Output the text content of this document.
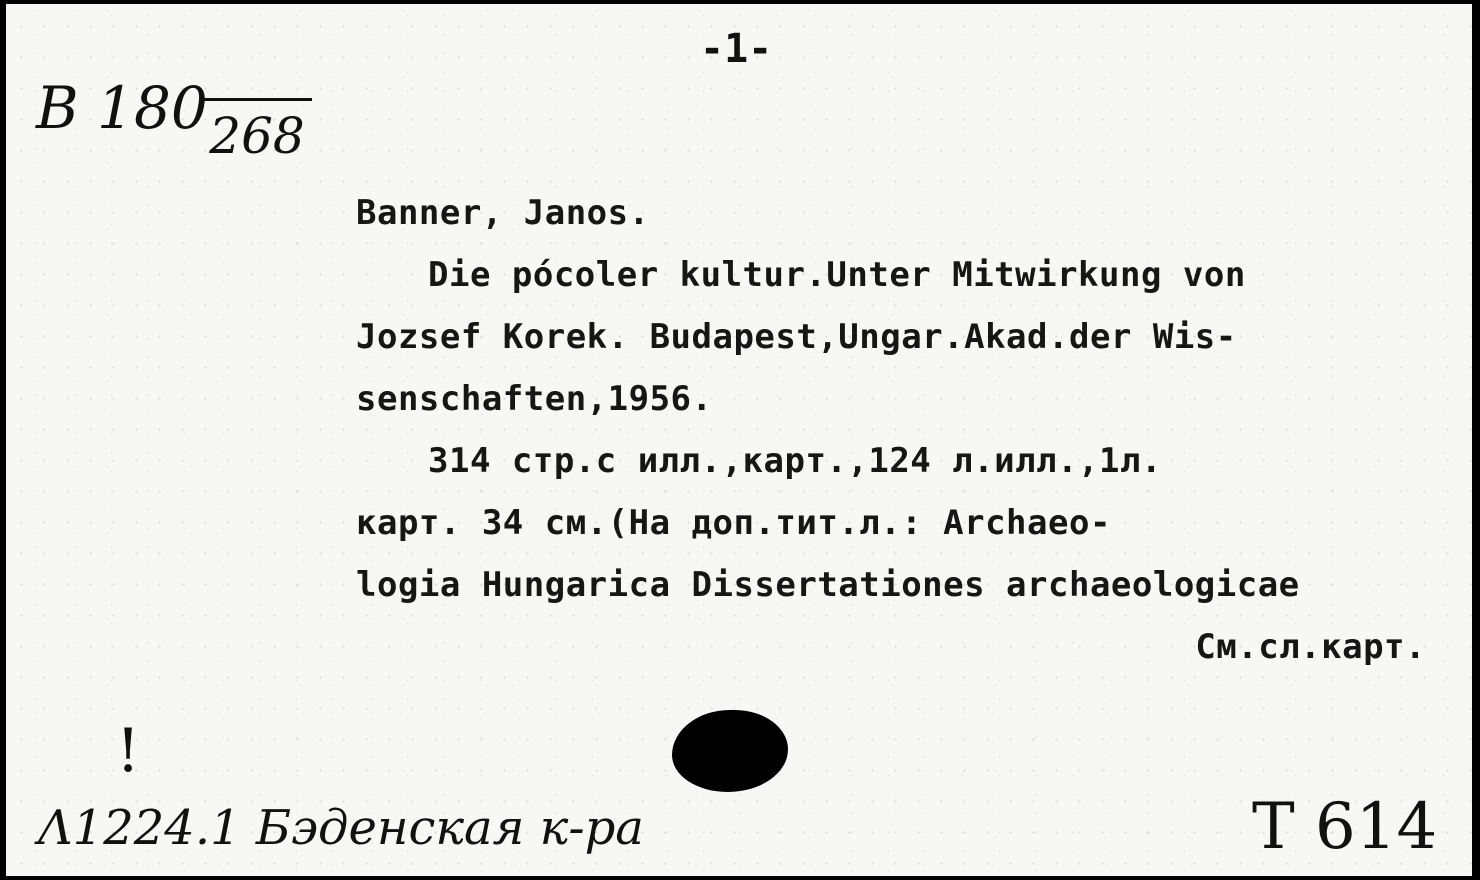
-1-
B 180 268
Banner, Janos.
Die pócoler kultur.Unter Mitwirkung von
Jozsef Korek. Budapest,Ungar.Akad.der Wis-
senschaften,1956.
314 стр.с илл.,карт.,124 л.илл.,1л.
карт. 34 см.(На доп.тит.л.: Archaeo-
logia Hungarica Dissertationes archaeologicae
См.сл.карт.
!
Λ1224.1 Бэденская к-ра	T 614
